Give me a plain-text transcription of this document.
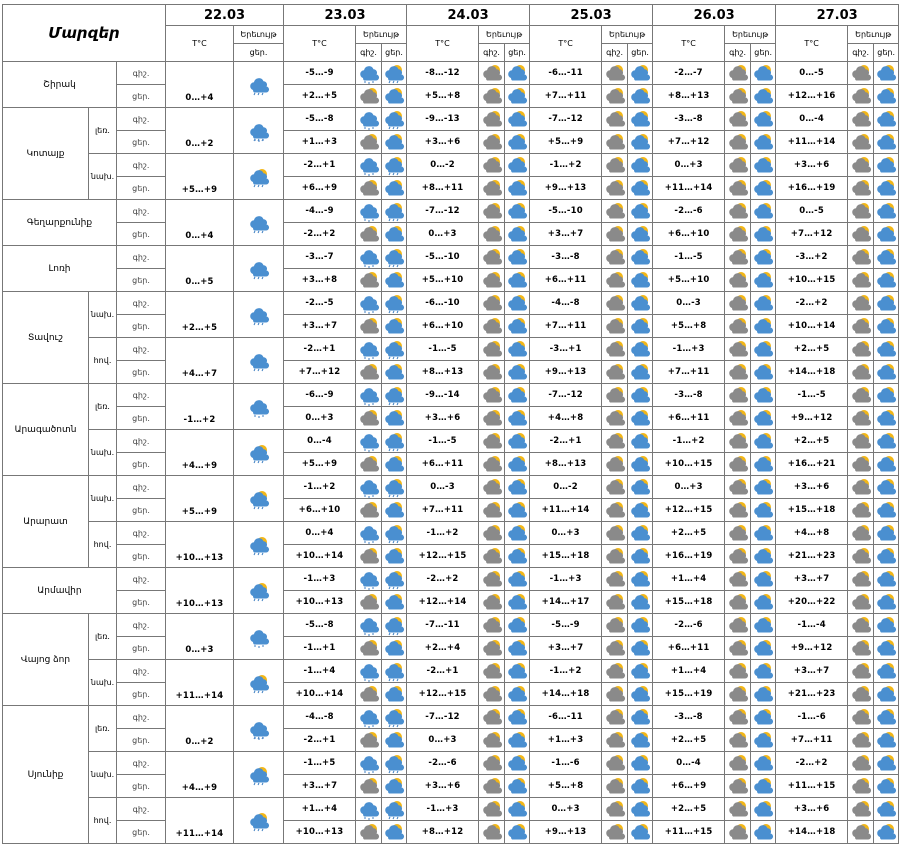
Մարզեր			22.03		23.03			24.03			25.03			26.03			27.03		
			T°C	Երեւույթ	T°C	Երեւույթ		T°C	Երեւույթ		T°C	Երեւույթ		T°C	Երեւույթ		T°C	Երեւույթ	
				ցեր.		գիշ.	ցեր.		գիշ.	ցեր.		գիշ.	ցեր.		գիշ.	ցեր.		գիշ.	ցեր.
Շիրակ		գիշ.	0…+4		-5…-9			-8…-12			-6…-11			-2…-7			0…-5	

		ցեր.			+2…+5			+5…+8			+7…+11			+8…+13			+12…+16	

Կոտայք	լեռ.	գիշ.	0…+2		-5…-8			-9…-13			-7…-12			-3…-8			0…-4	

		ցեր.			+1…+3			+3…+6			+5…+9			+7…+12			+11…+14	

	նախ.	գիշ.	+5…+9		-2…+1			0…-2			-1…+2			0…+3			+3…+6	

		ցեր.			+6…+9			+8…+11			+9…+13			+11…+14			+16…+19	

Գեղարքունիք		գիշ.	0…+4		-4…-9			-7…-12			-5…-10			-2…-6			0…-5	

		ցեր.			-2…+2			0…+3			+3…+7			+6…+10			+7…+12	

Լոռի		գիշ.	0…+5		-3…-7			-5…-10			-3…-8			-1…-5			-3…+2	

		ցեր.			+3…+8			+5…+10			+6…+11			+5…+10			+10…+15	

Տավուշ	նախ.	գիշ.	+2…+5		-2…-5			-6…-10			-4…-8			0…-3			-2…+2	

		ցեր.			+3…+7			+6…+10			+7…+11			+5…+8			+10…+14	

	հով.	գիշ.	+4…+7		-2…+1			-1…-5			-3…+1			-1…+3			+2…+5	

		ցեր.			+7…+12			+8…+13			+9…+13			+7…+11			+14…+18	

Արագածոտն	լեռ.	գիշ.	-1…+2		-6…-9			-9…-14			-7…-12			-3…-8			-1…-5	

		ցեր.			0…+3			+3…+6			+4…+8			+6…+11			+9…+12	

	նախ.	գիշ.	+4…+9		0…-4			-1…-5			-2…+1			-1…+2			+2…+5	

		ցեր.			+5…+9			+6…+11			+8…+13			+10…+15			+16…+21	

Արարատ	նախ.	գիշ.	+5…+9		-1…+2			0…-3			0…-2			0…+3			+3…+6	

		ցեր.			+6…+10			+7…+11			+11…+14			+12…+15			+15…+18	

	հով.	գիշ.	+10…+13		0…+4			-1…+2			0…+3			+2…+5			+4…+8	

		ցեր.			+10…+14			+12…+15			+15…+18			+16…+19			+21…+23	

Արմավիր		գիշ.	+10…+13		-1…+3			-2…+2			-1…+3			+1…+4			+3…+7	

		ցեր.			+10…+13			+12…+14			+14…+17			+15…+18			+20…+22	

Վայոց ձոր	լեռ.	գիշ.	0…+3		-5…-8			-7…-11			-5…-9			-2…-6			-1…-4	

		ցեր.			-1…+1			+2…+4			+3…+7			+6…+11			+9…+12	

	նախ.	գիշ.	+11…+14		-1…+4			-2…+1			-1…+2			+1…+4			+3…+7	

		ցեր.			+10…+14			+12…+15			+14…+18			+15…+19			+21…+23	

Սյունիք	լեռ.	գիշ.	0…+2		-4…-8			-7…-12			-6…-11			-3…-8			-1…-6	

		ցեր.			-2…+1			0…+3			+1…+3			+2…+5			+7…+11	

	նախ.	գիշ.	+4…+9		-1…+5			-2…-6			-1…-6			0…-4			-2…+2	

		ցեր.			+3…+7			+3…+6			+5…+8			+6…+9			+11…+15	

	հով.	գիշ.	+11…+14		+1…+4			-1…+3			0…+3			+2…+5			+3…+6	

		ցեր.			+10…+13			+8…+12			+9…+13			+11…+15			+14…+18	
